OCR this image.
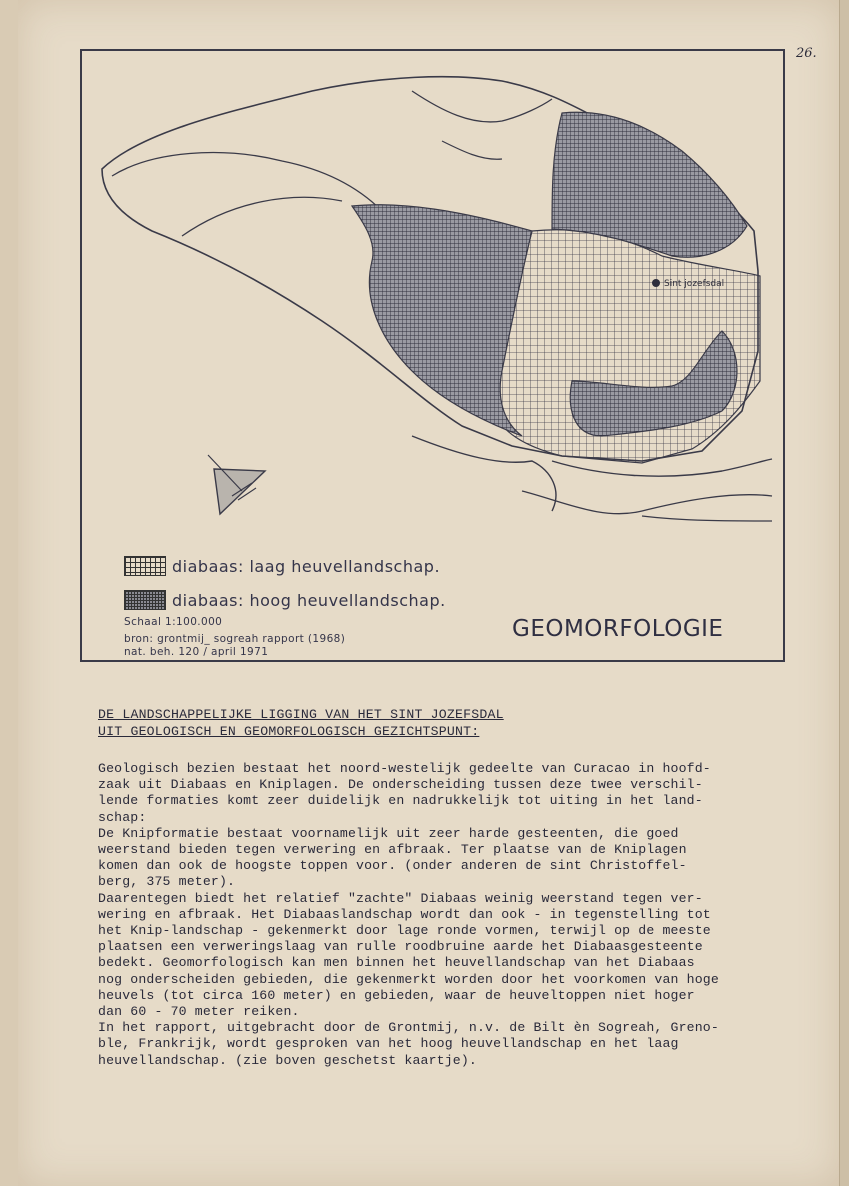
26.
Sint jozefsdal
diabaas: laag heuvellandschap.
diabaas: hoog heuvellandschap.
Schaal 1:100.000
bron: grontmij_ sogreah rapport (1968)
nat. beh. 120 / april 1971
GEOMORFOLOGIE
DE LANDSCHAPPELIJKE LIGGING VAN HET SINT JOZEFSDAL
UIT GEOLOGISCH EN GEOMORFOLOGISCH GEZICHTSPUNT:

Geologisch bezien bestaat het noord-westelijk gedeelte van Curacao in hoofd-

zaak uit Diabaas en Kniplagen. De onderscheiding tussen deze twee verschil-

lende formaties komt zeer duidelijk en nadrukkelijk tot uiting in het land-

schap:

De Knipformatie bestaat voornamelijk uit zeer harde gesteenten, die goed

weerstand bieden tegen verwering en afbraak. Ter plaatse van de Kniplagen

komen dan ook de hoogste toppen voor. (onder anderen de sint Christoffel-

berg, 375 meter).

Daarentegen biedt het relatief "zachte" Diabaas weinig weerstand tegen ver-

wering en afbraak. Het Diabaaslandschap wordt dan ook - in tegenstelling tot

het Knip-landschap - gekenmerkt door lage ronde vormen, terwijl op de meeste

plaatsen een verweringslaag van rulle roodbruine aarde het Diabaasgesteente

bedekt. Geomorfologisch kan men binnen het heuvellandschap van het Diabaas

nog onderscheiden gebieden, die gekenmerkt worden door het voorkomen van hoge

heuvels (tot circa 160 meter) en gebieden, waar de heuveltoppen niet hoger

dan 60 - 70 meter reiken.

In het rapport, uitgebracht door de Grontmij, n.v. de Bilt èn Sogreah, Greno-

ble, Frankrijk, wordt gesproken van het hoog heuvellandschap en het laag

heuvellandschap. (zie boven geschetst kaartje).
